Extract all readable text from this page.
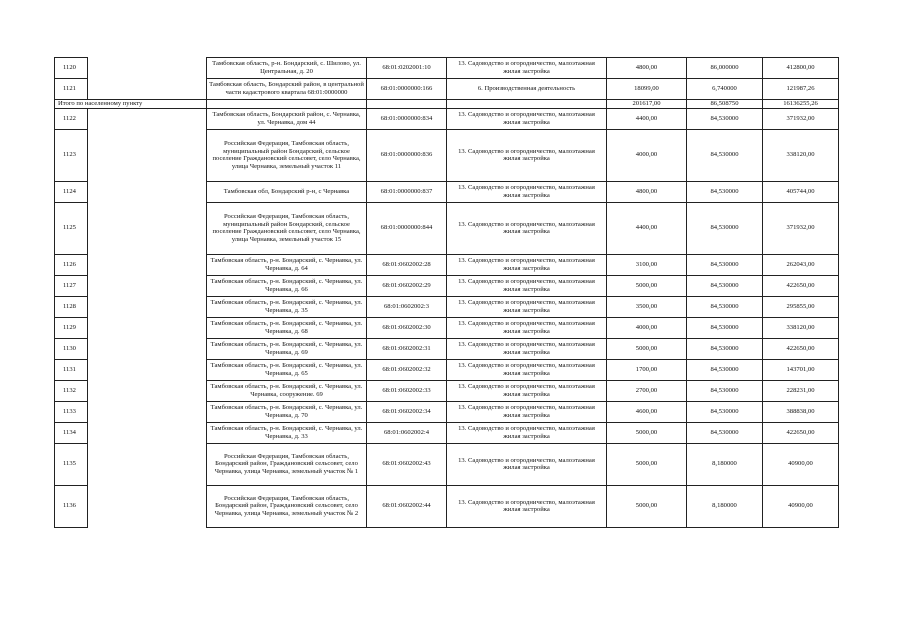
1120		Тамбовская область, р-н. Бондарский, с. Шилово, ул. Центральная, д. 20	68:01:0202001:10	13. Садоводство и огородничество, малоэтажная жилая застройка	4800,00	86,000000	412800,00
1121		Тамбовская область, Бондарский район, в центральной части кадастрового квартала 68:01:0000000	68:01:0000000:166	6. Производственная деятельность	18099,00	6,740000	121987,26
Итого по населенному пункту					201617,00	86,508750	16136255,26
1122		Тамбовская область, Бондарский район, с. Чернавка, ул. Чернавка, дом 44	68:01:0000000:834	13. Садоводство и огородничество, малоэтажная жилая застройка	4400,00	84,530000	371932,00
1123		Российская Федерация, Тамбовская область, муниципальный район Бондарский, сельское поселение Граждановский сельсовет, село Чернавка, улица Чернавка, земельный участок 11	68:01:0000000:836	13. Садоводство и огородничество, малоэтажная жилая застройка	4000,00	84,530000	338120,00
1124		Тамбовская обл, Бондарский р-н, с Чернавка	68:01:0000000:837	13. Садоводство и огородничество, малоэтажная жилая застройка	4800,00	84,530000	405744,00
1125		Российская Федерация, Тамбовская область, муниципальный район Бондарский, сельское поселение Граждановский сельсовет, село Чернавка, улица Чернавка, земельный участок 15	68:01:0000000:844	13. Садоводство и огородничество, малоэтажная жилая застройка	4400,00	84,530000	371932,00
1126		Тамбовская область, р-н. Бондарский, с. Чернавка, ул. Чернавка, д. 64	68:01:0602002:28	13. Садоводство и огородничество, малоэтажная жилая застройка	3100,00	84,530000	262043,00
1127		Тамбовская область, р-н. Бондарский, с. Чернавка, ул. Чернавка, д. 66	68:01:0602002:29	13. Садоводство и огородничество, малоэтажная жилая застройка	5000,00	84,530000	422650,00
1128		Тамбовская область, р-н. Бондарский, с. Чернавка, ул. Чернавка, д. 35	68:01:0602002:3	13. Садоводство и огородничество, малоэтажная жилая застройка	3500,00	84,530000	295855,00
1129		Тамбовская область, р-н. Бондарский, с. Чернавка, ул. Чернавка, д. 68	68:01:0602002:30	13. Садоводство и огородничество, малоэтажная жилая застройка	4000,00	84,530000	338120,00
1130		Тамбовская область, р-н. Бондарский, с. Чернавка, ул. Чернавка, д. 69	68:01:0602002:31	13. Садоводство и огородничество, малоэтажная жилая застройка	5000,00	84,530000	422650,00
1131		Тамбовская область, р-н. Бондарский, с. Чернавка, ул. Чернавка, д. 65	68:01:0602002:32	13. Садоводство и огородничество, малоэтажная жилая застройка	1700,00	84,530000	143701,00
1132		Тамбовская область, р-н. Бондарский, с. Чернавка, ул. Чернавка, сооружение. 69	68:01:0602002:33	13. Садоводство и огородничество, малоэтажная жилая застройка	2700,00	84,530000	228231,00
1133		Тамбовская область, р-н. Бондарский, с. Чернавка, ул. Чернавка, д. 70	68:01:0602002:34	13. Садоводство и огородничество, малоэтажная жилая застройка	4600,00	84,530000	388838,00
1134		Тамбовская область, р-н. Бондарский, с. Чернавка, ул. Чернавка, д. 33	68:01:0602002:4	13. Садоводство и огородничество, малоэтажная жилая застройка	5000,00	84,530000	422650,00
1135		Российская Федерация, Тамбовская область, Бондарский район, Граждановский сельсовет, село Чернавка, улица Чернавка, земельный участок № 1	68:01:0602002:43	13. Садоводство и огородничество, малоэтажная жилая застройка	5000,00	8,180000	40900,00
1136		Российская Федерация, Тамбовская область, Бондарский район, Граждановский сельсовет, село Чернавка, улица Чернавка, земельный участок № 2	68:01:0602002:44	13. Садоводство и огородничество, малоэтажная жилая застройка	5000,00	8,180000	40900,00
